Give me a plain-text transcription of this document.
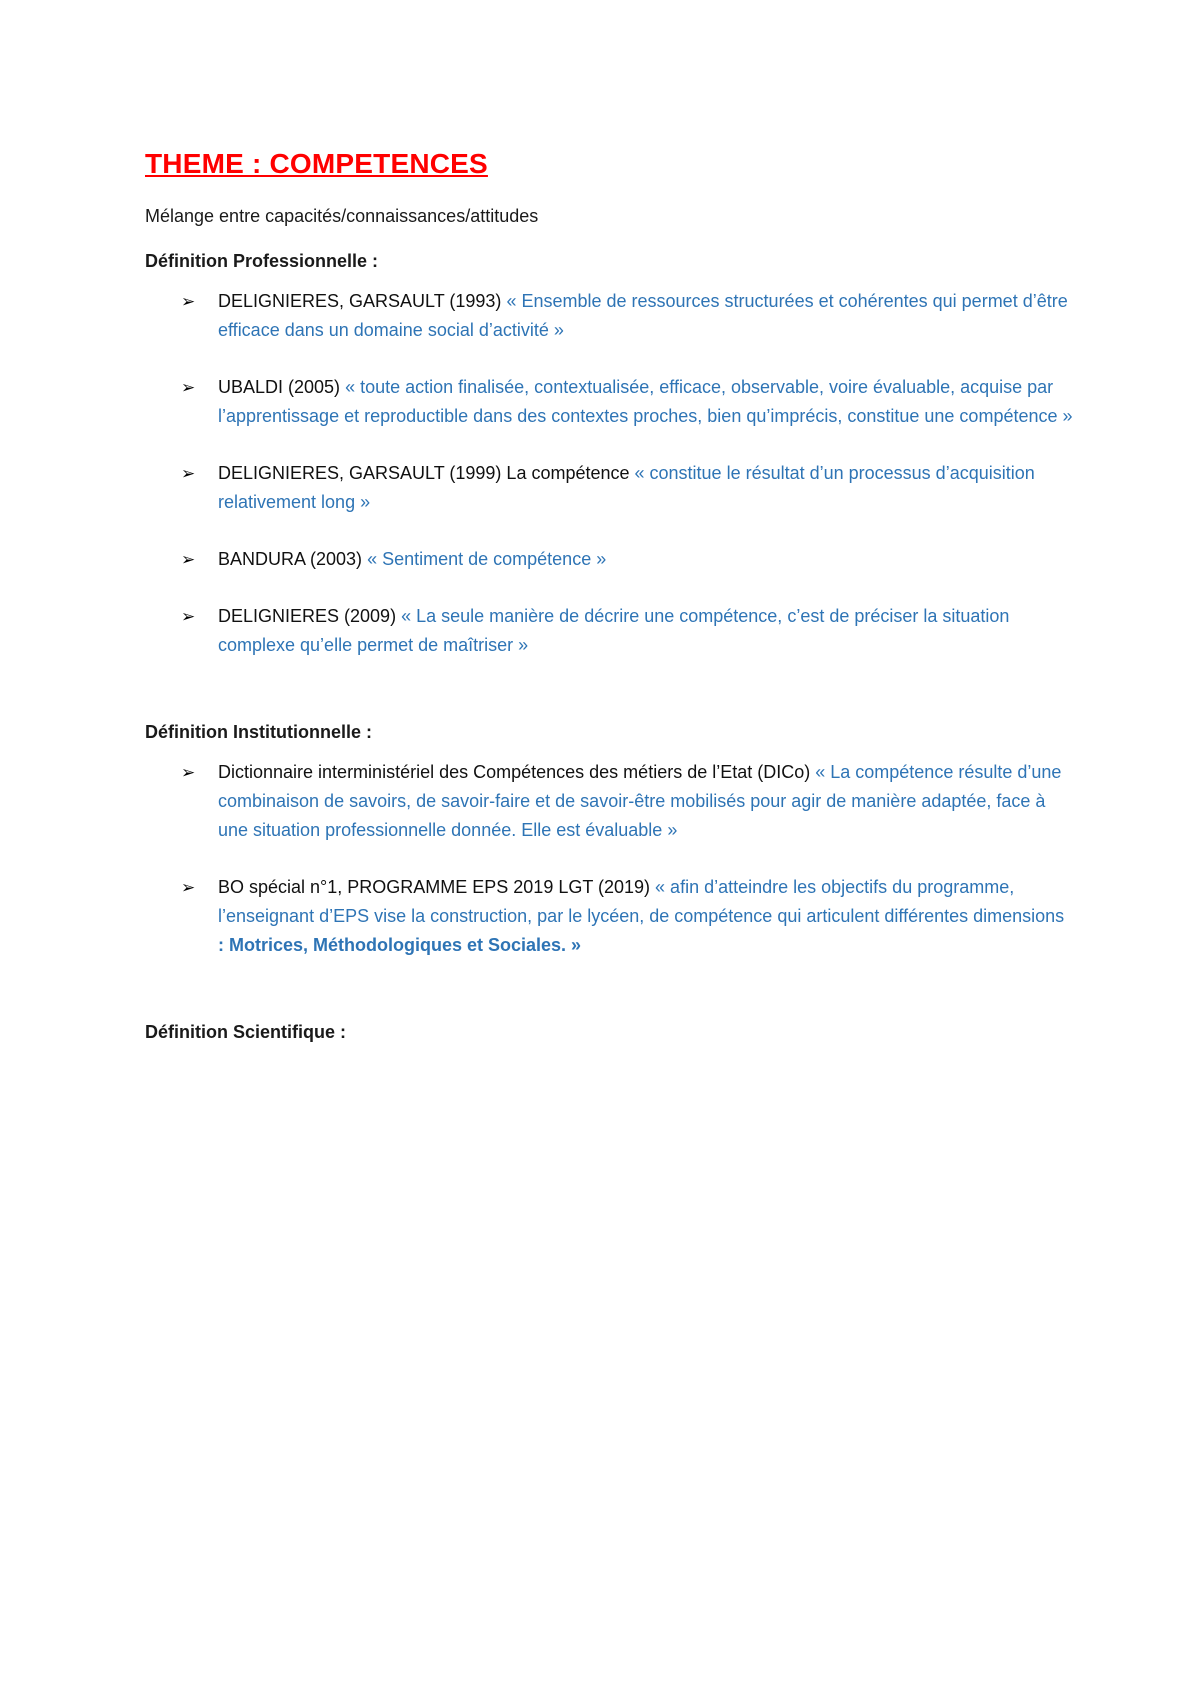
THEME : COMPETENCES
Mélange entre capacités/connaissances/attitudes
Définition Professionnelle :
➢ DELIGNIERES, GARSAULT (1993) « Ensemble de ressources structurées et cohérentes qui permet d’être efficace dans un domaine social d’activité »
➢ UBALDI (2005) « toute action finalisée, contextualisée, efficace, observable, voire évaluable, acquise par l’apprentissage et reproductible dans des contextes proches, bien qu’imprécis, constitue une compétence »
➢ DELIGNIERES, GARSAULT (1999) La compétence « constitue le résultat d’un processus d’acquisition relativement long »
➢ BANDURA (2003) « Sentiment de compétence »
➢ DELIGNIERES (2009) « La seule manière de décrire une compétence, c’est de préciser la situation complexe qu’elle permet de maîtriser »
Définition Institutionnelle :
➢ Dictionnaire interministériel des Compétences des métiers de l’Etat (DICo) « La compétence résulte d’une combinaison de savoirs, de savoir-faire et de savoir-être mobilisés pour agir de manière adaptée, face à une situation professionnelle donnée. Elle est évaluable »
➢ BO spécial n°1, PROGRAMME EPS 2019 LGT (2019) « afin d’atteindre les objectifs du programme, l’enseignant d’EPS vise la construction, par le lycéen, de compétence qui articulent différentes dimensions : Motrices, Méthodologiques et Sociales. »
Définition Scientifique :
